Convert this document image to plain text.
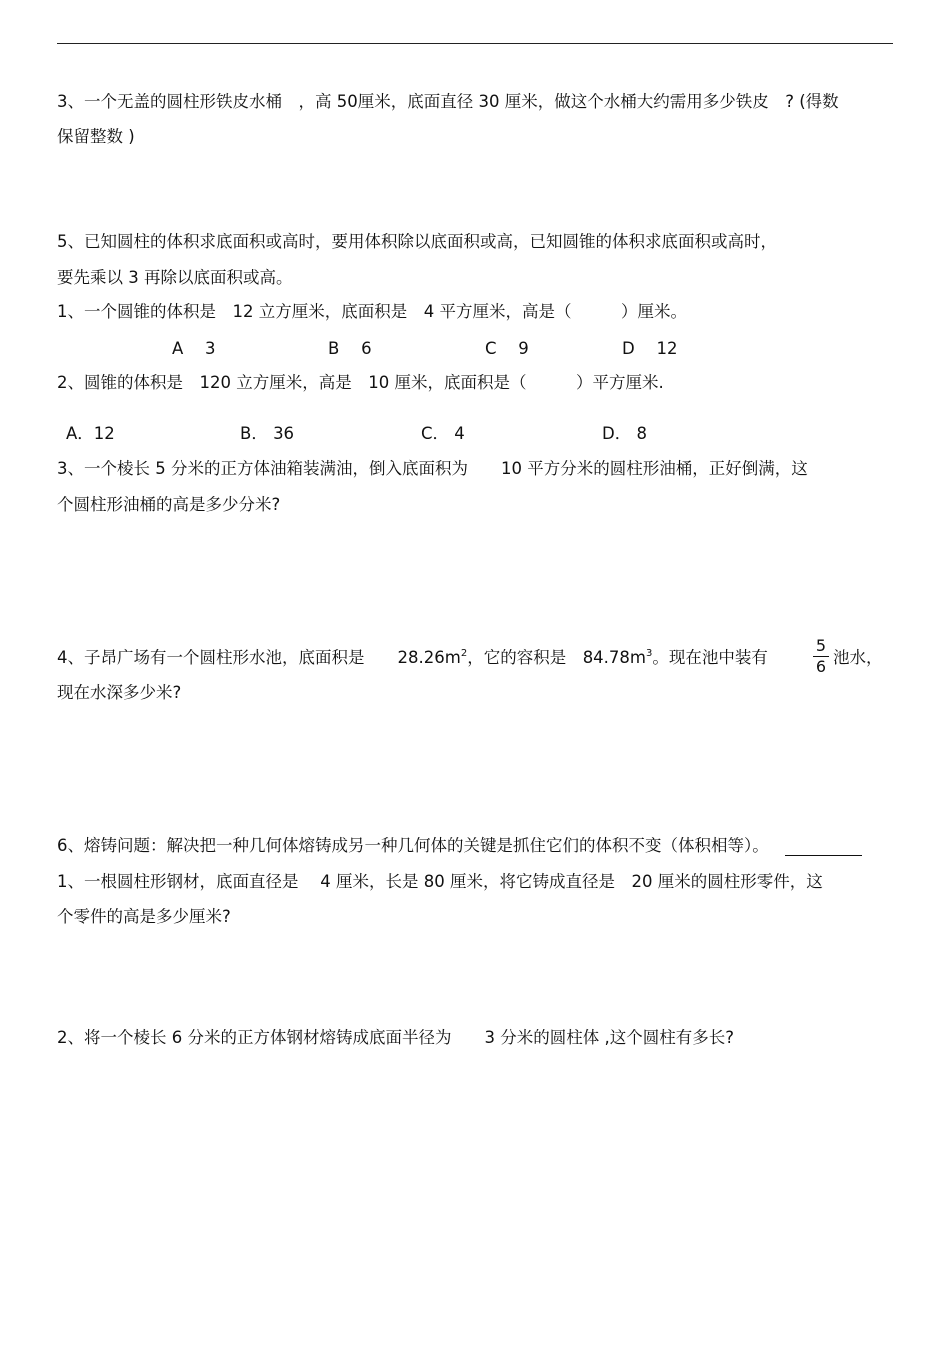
3、一个无盖的圆柱形铁皮水桶　，高 50厘米，底面直径 30 厘米，做这个水桶大约需用多少铁皮　? (得数
保留整数 )
5、已知圆柱的体积求底面积或高时，要用体积除以底面积或高，已知圆锥的体积求底面积或高时，
要先乘以 3 再除以底面积或高。
1、一个圆锥的体积是　12 立方厘米，底面积是　4 平方厘米，高是（　　　）厘米。
A　 3	B　 6	C　 9	D　 12
2、圆锥的体积是　120 立方厘米，高是　10 厘米，底面积是（　　　）平方厘米.
A．12	B． 36	C． 4	D． 8
3、一个棱长 5 分米的正方体油箱装满油，倒入底面积为　　10 平方分米的圆柱形油桶，正好倒满，这
个圆柱形油桶的高是多少分米?
4、子昂广场有一个圆柱形水池，底面积是　　$28.26m^2$，它的容积是　$84.78m^3$。现在池中装有
5
6 池水，
现在水深多少米?
6、熔铸问题：解决把一种几何体熔铸成另一种几何体的关键是抓住它们的体积不变（体积相等）。
1、一根圆柱形钢材，底面直径是　 4 厘米，长是 80 厘米，将它铸成直径是　20 厘米的圆柱形零件，这
个零件的高是多少厘米?
2、将一个棱长 6 分米的正方体钢材熔铸成底面半径为　　3 分米的圆柱体 ,这个圆柱有多长?
